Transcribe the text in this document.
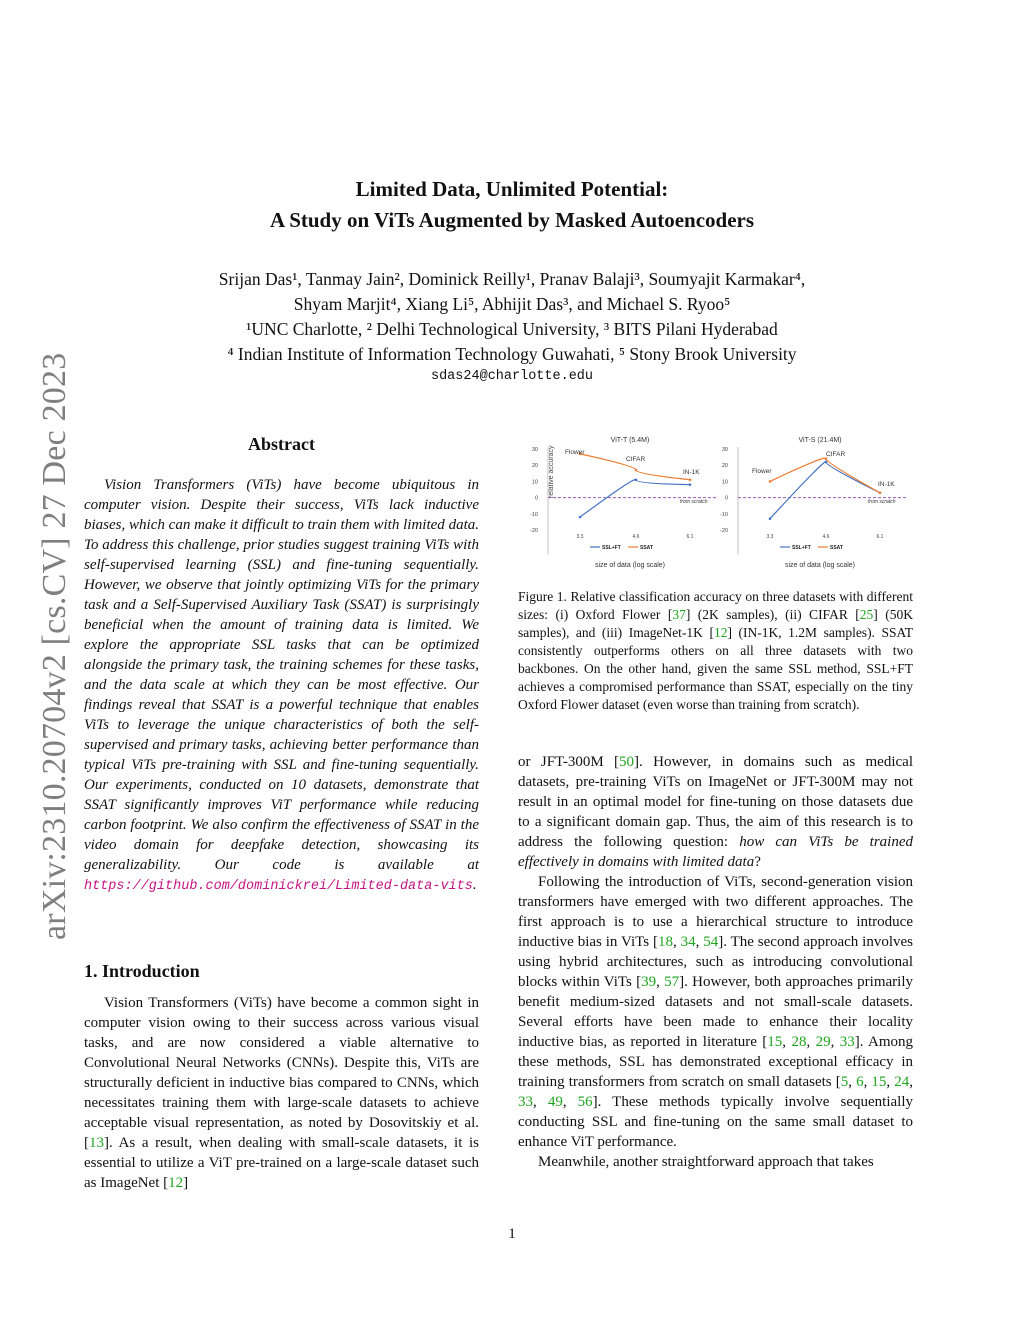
arXiv:2310.20704v2 [cs.CV] 27 Dec 2023
Limited Data, Unlimited Potential:
A Study on ViTs Augmented by Masked Autoencoders
Srijan Das¹, Tanmay Jain², Dominick Reilly¹, Pranav Balaji³, Soumyajit Karmakar⁴,
Shyam Marjit⁴, Xiang Li⁵, Abhijit Das³, and Michael S. Ryoo⁵
¹UNC Charlotte, ² Delhi Technological University, ³ BITS Pilani Hyderabad
⁴ Indian Institute of Information Technology Guwahati, ⁵ Stony Brook University
sdas24@charlotte.edu
Abstract

Vision Transformers (ViTs) have become ubiquitous in computer vision. Despite their success, ViTs lack inductive biases, which can make it difficult to train them with limited data. To address this challenge, prior studies suggest training ViTs with self-supervised learning (SSL) and fine-tuning sequentially. However, we observe that jointly optimizing ViTs for the primary task and a Self-Supervised Auxiliary Task (SSAT) is surprisingly beneficial when the amount of training data is limited. We explore the appropriate SSL tasks that can be optimized alongside the primary task, the training schemes for these tasks, and the data scale at which they can be most effective. Our findings reveal that SSAT is a powerful technique that enables ViTs to leverage the unique characteristics of both the self-supervised and primary tasks, achieving better performance than typical ViTs pre-training with SSL and fine-tuning sequentially. Our experiments, conducted on 10 datasets, demonstrate that SSAT significantly improves ViT performance while reducing carbon footprint. We also confirm the effectiveness of SSAT in the video domain for deepfake detection, showcasing its generalizability. Our code is available at https://github.com/dominickrei/Limited-data-vits.

1. Introduction

Vision Transformers (ViTs) have become a common sight in computer vision owing to their success across various visual tasks, and are now considered a viable alternative to Convolutional Neural Networks (CNNs). Despite this, ViTs are structurally deficient in inductive bias compared to CNNs, which necessitates training them with large-scale datasets to achieve acceptable visual representation, as noted by Dosovitskiy et al. [13]. As a result, when dealing with small-scale datasets, it is essential to utilize a ViT pre-trained on a large-scale dataset such as ImageNet [12]

relative accuracy
ViT-T (5.4M)
30
20
10
0
-10
-20
3.3	4.6	6.1
Flower
CIFAR
IN-1K
from scratch
SSL+FT	SSAT
size of data (log scale)
ViT-S (21.4M)
30
20
10
0
-10
-20
3.3	4.6	6.1
Flower
CIFAR
IN-1K
from scratch
SSL+FT	SSAT
size of data (log scale)
Figure 1. Relative classification accuracy on three datasets with different sizes: (i) Oxford Flower [37] (2K samples), (ii) CIFAR [25] (50K samples), and (iii) ImageNet-1K [12] (IN-1K, 1.2M samples). SSAT consistently outperforms others on all three datasets with two backbones. On the other hand, given the same SSL method, SSL+FT achieves a compromised performance than SSAT, especially on the tiny Oxford Flower dataset (even worse than training from scratch).

or JFT-300M [50]. However, in domains such as medical datasets, pre-training ViTs on ImageNet or JFT-300M may not result in an optimal model for fine-tuning on those datasets due to a significant domain gap. Thus, the aim of this research is to address the following question: how can ViTs be trained effectively in domains with limited data?

Following the introduction of ViTs, second-generation vision transformers have emerged with two different approaches. The first approach is to use a hierarchical structure to introduce inductive bias in ViTs [18, 34, 54]. The second approach involves using hybrid architectures, such as introducing convolutional blocks within ViTs [39, 57]. However, both approaches primarily benefit medium-sized datasets and not small-scale datasets. Several efforts have been made to enhance their locality inductive bias, as reported in literature [15, 28, 29, 33]. Among these methods, SSL has demonstrated exceptional efficacy in training transformers from scratch on small datasets [5, 6, 15, 24, 33, 49, 56]. These methods typically involve sequentially conducting SSL and fine-tuning on the same small dataset to enhance ViT performance.

Meanwhile, another straightforward approach that takes

1
